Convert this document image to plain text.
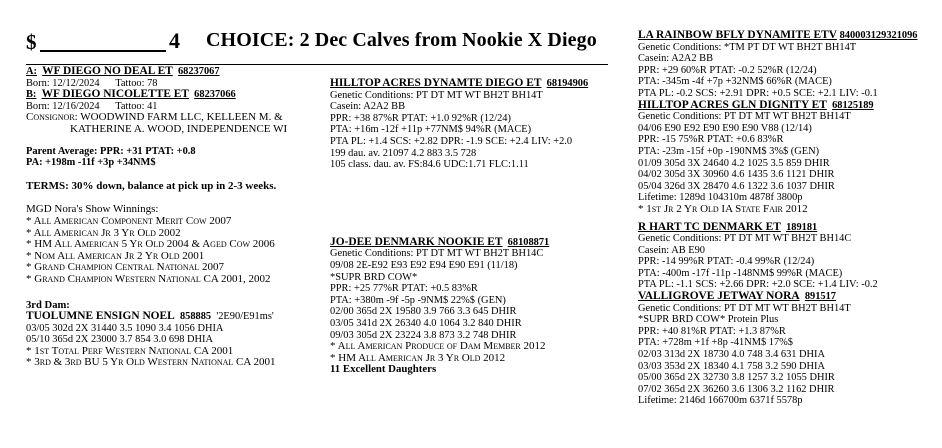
$	4 CHOICE: 2 Dec Calves from Nookie X Diego
A: WF DIEGO NO DEAL ET 68237067
Born: 12/12/2024 Tattoo: 78
B: WF DIEGO NICOLETTE ET 68237066
Born: 12/16/2024 Tattoo: 41
Consignor: WOODWIND FARM LLC, KELLEEN M. &
KATHERINE A. WOOD, INDEPENDENCE WI
Parent Average: PPR: +31 PTAT: +0.8
PA: +198m -11f +3p +34NM$
TERMS: 30% down, balance at pick up in 2-3 weeks.
MGD Nora's Show Winnings:
* All American Component Merit Cow 2007
* All American Jr 3 Yr Old 2002
* HM All American 5 Yr Old 2004 & Aged Cow 2006
* Nom All American Jr 2 Yr Old 2001
* Grand Champion Central National 2007
* Grand Champion Western National CA 2001, 2002
3rd Dam:
TUOLUMNE ENSIGN NOEL 858885 '2E90/E91ms'
03/05 302d 2X 31440 3.5 1090 3.4 1056 DHIA
05/10 365d 2X 23000 3.7 854 3.0 698 DHIA
* 1st Total Perf Western National CA 2001
* 3rd & 3rd BU 5 Yr Old Western National CA 2001
HILLTOP ACRES DYNAMTE DIEGO ET 68194906
Genetic Conditions: PT DT MT WT BH2T BH14T
Casein: A2A2 BB
PPR: +38 87%R PTAT: +1.0 92%R (12/24)
PTA: +16m -12f +11p +77NM$ 94%R (MACE)
PTA PL: +1.4 SCS: +2.82 DPR: -1.9 SCE: +2.4 LIV: +2.0
199 dau. av. 21097 4.2 883 3.5 728
105 class. dau. av. FS:84.6 UDC:1.71 FLC:1.11
JO-DEE DENMARK NOOKIE ET 68108871
Genetic Conditions: PT DT MT WT BH2T BH14C
09/08 2E-E92 E93 E92 E94 E90 E91 (11/18)
*SUPR BRD COW*
PPR: +25 77%R PTAT: +0.5 83%R
PTA: +380m -9f -5p -9NM$ 22%$ (GEN)
02/00 365d 2X 19580 3.9 766 3.3 645 DHIR
03/05 341d 2X 26340 4.0 1064 3.2 840 DHIR
09/03 305d 2X 23224 3.8 873 3.2 748 DHIR
* All American Produce of Dam Member 2012
* HM All American Jr 3 Yr Old 2012
11 Excellent Daughters
LA RAINBOW BFLY DYNAMITE ETV 840003129321096
Genetic Conditions: *TM PT DT WT BH2T BH14T
Casein: A2A2 BB
PPR: +29 60%R PTAT: -0.2 52%R (12/24)
PTA: -345m -4f +7p +32NM$ 66%R (MACE)
PTA PL: -0.2 SCS: +2.91 DPR: +0.5 SCE: +2.1 LIV: -0.1
HILLTOP ACRES GLN DIGNITY ET 68125189
Genetic Conditions: PT DT MT WT BH2T BH14T
04/06 E90 E92 E90 E90 E90 V88 (12/14)
PPR: -15 75%R PTAT: +0.6 83%R
PTA: -23m -15f +0p -190NM$ 3%$ (GEN)
01/09 305d 3X 24640 4.2 1025 3.5 859 DHIR
04/02 305d 3X 30960 4.6 1435 3.6 1121 DHIR
05/04 326d 3X 28470 4.6 1322 3.6 1037 DHIR
Lifetime: 1289d 104310m 4878f 3800p
* 1st Jr 2 Yr Old IA State Fair 2012
R HART TC DENMARK ET 189181
Genetic Conditions: PT DT MT WT BH2T BH14C
Casein: AB E90
PPR: -14 99%R PTAT: -0.4 99%R (12/24)
PTA: -400m -17f -11p -148NM$ 99%R (MACE)
PTA PL: -1.1 SCS: +2.66 DPR: +2.0 SCE: +1.4 LIV: -0.2
VALLIGROVE JETWAY NORA 891517
Genetic Conditions: PT DT MT WT BH2T BH14T
*SUPR BRD COW* Protein Plus
PPR: +40 81%R PTAT: +1.3 87%R
PTA: +728m +1f +8p -41NM$ 17%$
02/03 313d 2X 18730 4.0 748 3.4 631 DHIA
03/03 353d 2X 18340 4.1 758 3.2 590 DHIA
05/00 365d 2X 32730 3.8 1257 3.2 1055 DHIR
07/02 365d 2X 36260 3.6 1306 3.2 1162 DHIR
Lifetime: 2146d 166700m 6371f 5578p
